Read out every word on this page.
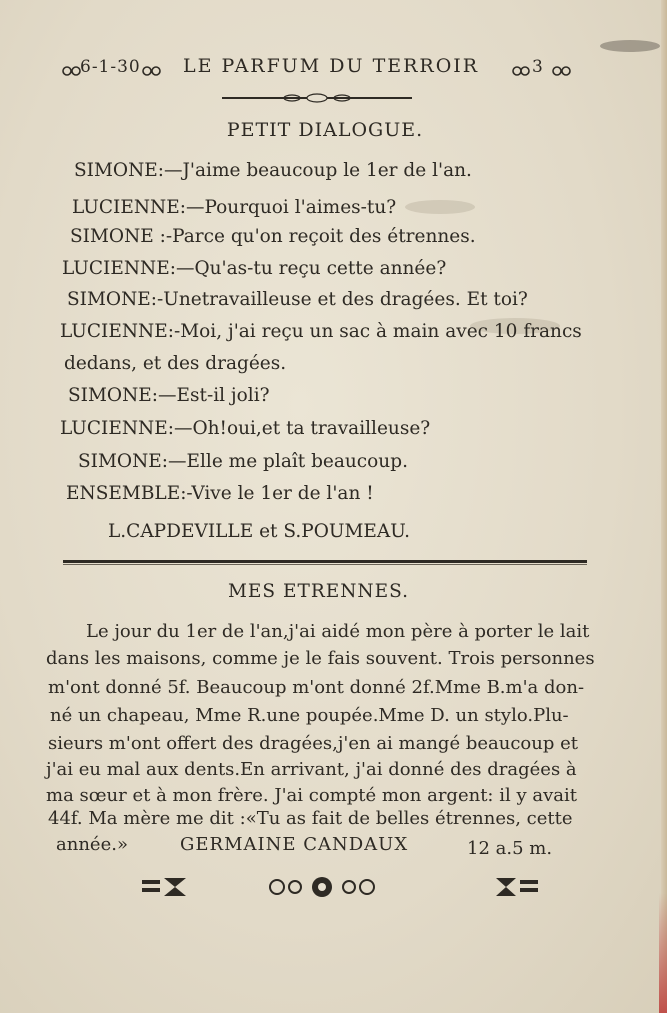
6-1-30 LE PARFUM DU TERROIR	3
PETIT DIALOGUE.
SIMONE:—J'aime beaucoup le 1er de l'an.
LUCIENNE:—Pourquoi l'aimes-tu?
SIMONE :-Parce qu'on reçoit des étrennes.
LUCIENNE:—Qu'as-tu reçu cette année?
SIMONE:-Unetravailleuse et des dragées. Et toi?
LUCIENNE:-Moi, j'ai reçu un sac à main avec 10 francs
dedans, et des dragées.
SIMONE:—Est-il joli?
LUCIENNE:—Oh!oui,et ta travailleuse?
SIMONE:—Elle me plaît beaucoup.
ENSEMBLE:-Vive le 1er de l'an !
L.CAPDEVILLE et S.POUMEAU.
MES ETRENNES.
Le jour du 1er de l'an,j'ai aidé mon père à porter le lait
dans les maisons, comme je le fais souvent. Trois personnes
m'ont donné 5f. Beaucoup m'ont donné 2f.Mme B.m'a don-
né un chapeau, Mme R.une poupée.Mme D. un stylo.Plu-
sieurs m'ont offert des dragées,j'en ai mangé beaucoup et
j'ai eu mal aux dents.En arrivant, j'ai donné des dragées à
ma sœur et à mon frère. J'ai compté mon argent: il y avait
44f. Ma mère me dit :«Tu as fait de belles étrennes, cette
année.»	GERMAINE CANDAUX	12 a.5 m.
